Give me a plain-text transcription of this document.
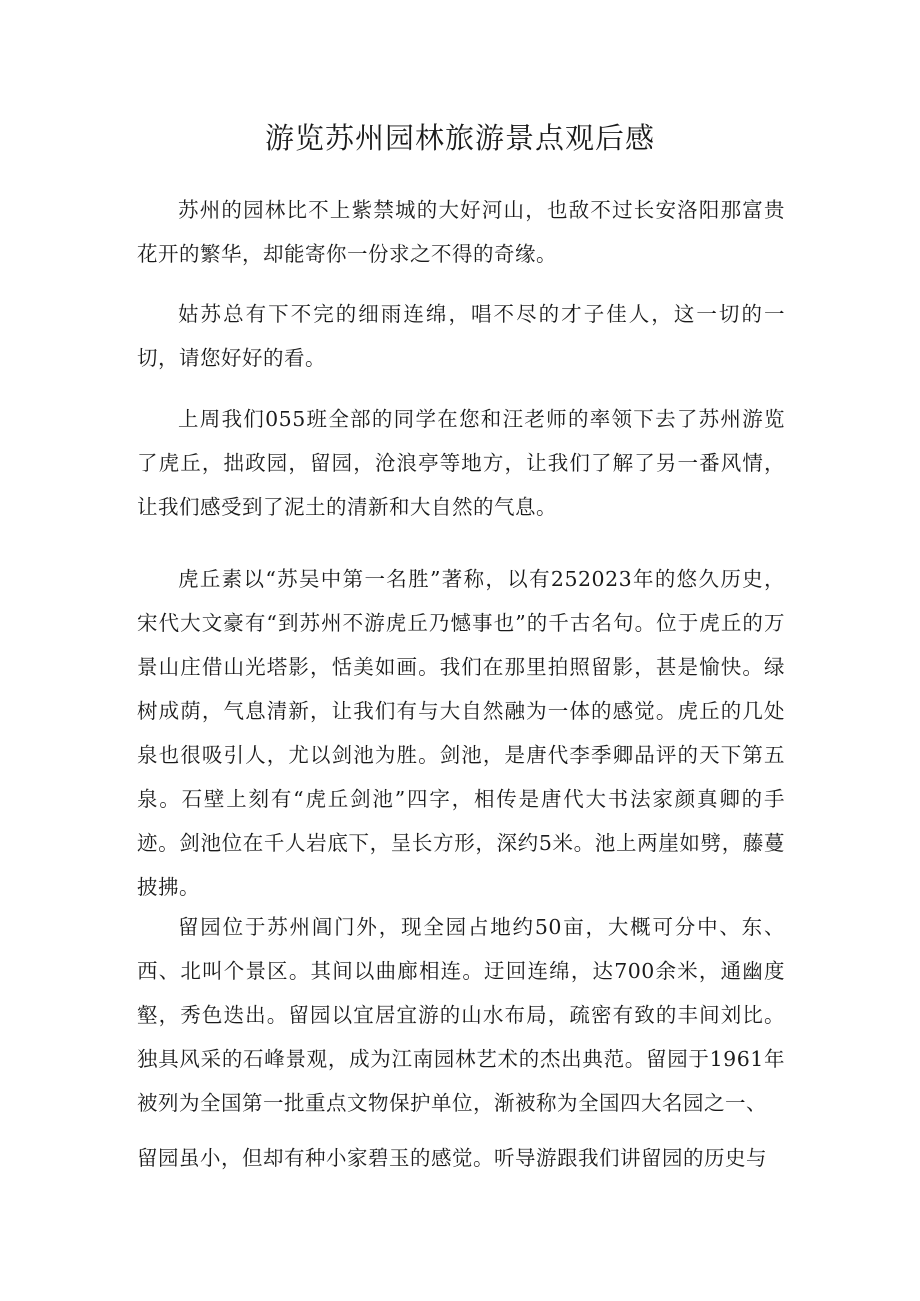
游览苏州园林旅游景点观后感

苏州的园林比不上紫禁城的大好河山，也敌不过长安洛阳那富贵花开的繁华，却能寄你一份求之不得的奇缘。

姑苏总有下不完的细雨连绵，唱不尽的才子佳人，这一切的一切，请您好好的看。

上周我们055班全部的同学在您和汪老师的率领下去了苏州游览了虎丘，拙政园，留园，沧浪亭等地方，让我们了解了另一番风情，让我们感受到了泥土的清新和大自然的气息。

虎丘素以“苏吴中第一名胜”著称，以有252023年的悠久历史，宋代大文豪有“到苏州不游虎丘乃憾事也”的千古名句。位于虎丘的万景山庄借山光塔影，恬美如画。我们在那里拍照留影，甚是愉快。绿树成荫，气息清新，让我们有与大自然融为一体的感觉。虎丘的几处泉也很吸引人，尤以剑池为胜。剑池，是唐代李季卿品评的天下第五泉。石壁上刻有“虎丘剑池”四字，相传是唐代大书法家颜真卿的手迹。剑池位在千人岩底下，呈长方形，深约5米。池上两崖如劈，藤蔓披拂。

留园位于苏州阊门外，现全园占地约50亩，大概可分中、东、西、北叫个景区。其间以曲廊相连。迂回连绵，达700余米，通幽度壑，秀色迭出。留园以宜居宜游的山水布局，疏密有致的丰间刘比。独具风采的石峰景观，成为江南园林艺术的杰出典范。留园于1961年被列为全国第一批重点文物保护单位，渐被称为全国四大名园之一、

留园虽小，但却有种小家碧玉的感觉。听导游跟我们讲留园的历史与
